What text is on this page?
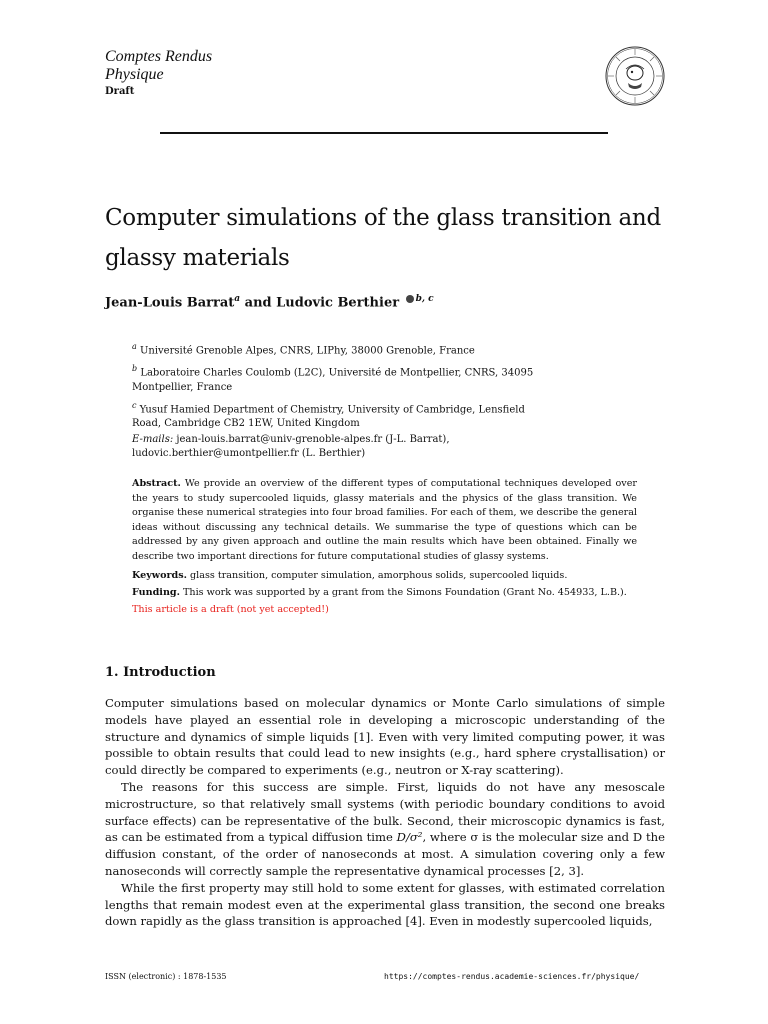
Comptes Rendus
Physique
Draft
Computer simulations of the glass transition and glassy materials
Jean-Louis Barrat$^a$ and Ludovic Berthier $^{b, c}$

$^a$ Université Grenoble Alpes, CNRS, LIPhy, 38000 Grenoble, France

$^b$ Laboratoire Charles Coulomb (L2C), Université de Montpellier, CNRS, 34095 Montpellier, France

$^c$ Yusuf Hamied Department of Chemistry, University of Cambridge, Lensfield Road, Cambridge CB2 1EW, United Kingdom

E-mails: jean-louis.barrat@univ-grenoble-alpes.fr (J-L. Barrat), ludovic.berthier@umontpellier.fr (L. Berthier)

Abstract. We provide an overview of the different types of computational techniques developed over the years to study supercooled liquids, glassy materials and the physics of the glass transition. We organise these numerical strategies into four broad families. For each of them, we describe the general ideas without discussing any technical details. We summarise the type of questions which can be addressed by any given approach and outline the main results which have been obtained. Finally we describe two important directions for future computational studies of glassy systems.

Keywords. glass transition, computer simulation, amorphous solids, supercooled liquids.

Funding. This work was supported by a grant from the Simons Foundation (Grant No. 454933, L.B.).

This article is a draft (not yet accepted!)

1. Introduction

Computer simulations based on molecular dynamics or Monte Carlo simulations of simple models have played an essential role in developing a microscopic understanding of the structure and dynamics of simple liquids [1]. Even with very limited computing power, it was possible to obtain results that could lead to new insights (e.g., hard sphere crystallisation) or could directly be compared to experiments (e.g., neutron or X-ray scattering).

The reasons for this success are simple. First, liquids do not have any mesoscale microstructure, so that relatively small systems (with periodic boundary conditions to avoid surface effects) can be representative of the bulk. Second, their microscopic dynamics is fast, as can be estimated from a typical diffusion time D/σ², where σ is the molecular size and D the diffusion constant, of the order of nanoseconds at most. A simulation covering only a few nanoseconds will correctly sample the representative dynamical processes [2, 3].

While the first property may still hold to some extent for glasses, with estimated correlation lengths that remain modest even at the experimental glass transition, the second one breaks down rapidly as the glass transition is approached [4]. Even in modestly supercooled liquids,

ISSN (electronic) : 1878-1535	https://comptes-rendus.academie-sciences.fr/physique/
